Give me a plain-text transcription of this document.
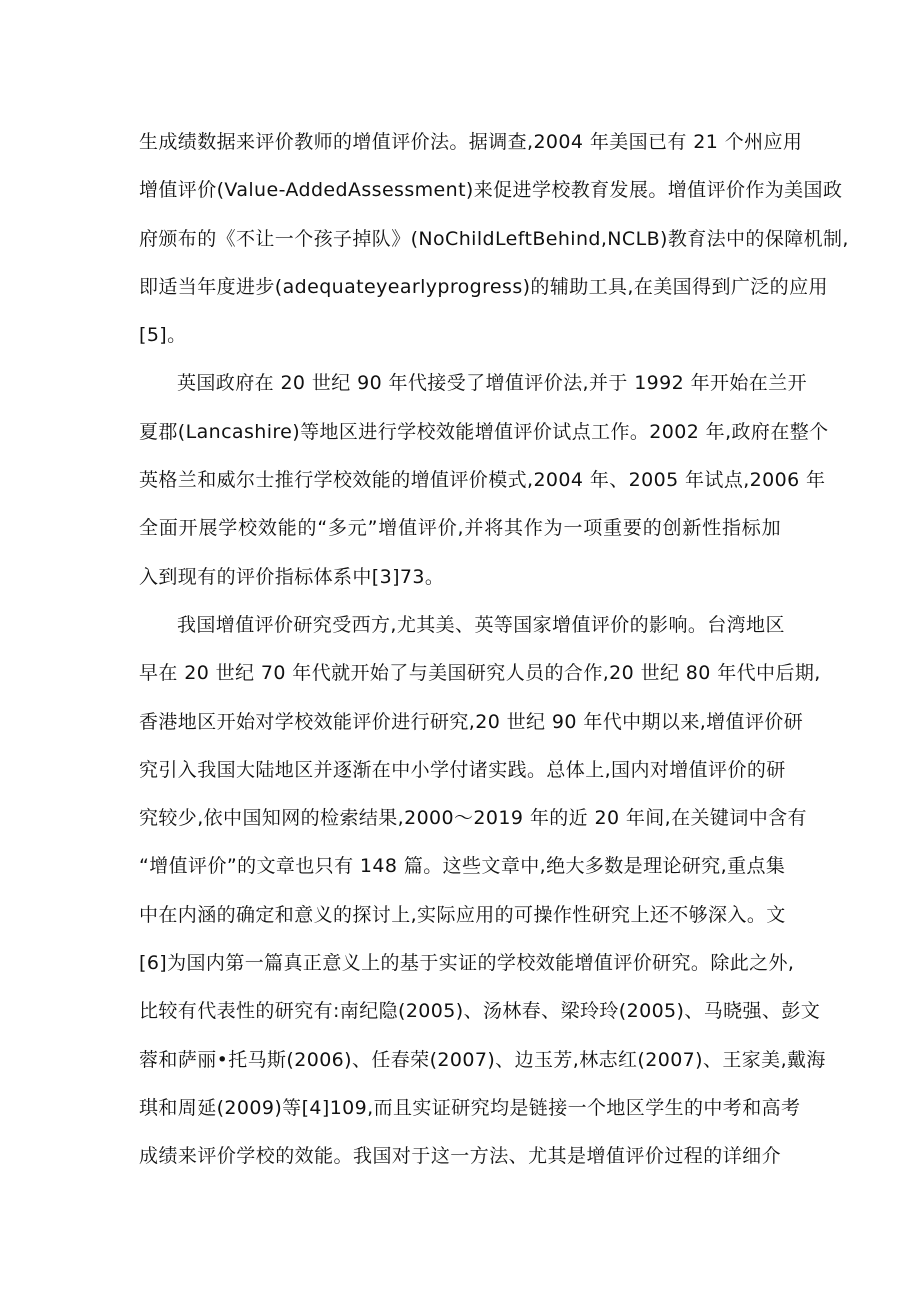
生成绩数据来评价教师的增值评价法。据调查,2004 年美国已有 21 个州应用
增值评价(Value-AddedAssessment)来促进学校教育发展。增值评价作为美国政
府颁布的《不让一个孩子掉队》(NoChildLeftBehind,NCLB)教育法中的保障机制,
即适当年度进步(adequateyearlyprogress)的辅助工具,在美国得到广泛的应用
[5]。
英国政府在 20 世纪 90 年代接受了增值评价法,并于 1992 年开始在兰开
夏郡(Lancashire)等地区进行学校效能增值评价试点工作。2002 年,政府在整个
英格兰和威尔士推行学校效能的增值评价模式,2004 年、2005 年试点,2006 年
全面开展学校效能的“多元”增值评价,并将其作为一项重要的创新性指标加
入到现有的评价指标体系中[3]73。
我国增值评价研究受西方,尤其美、英等国家增值评价的影响。台湾地区
早在 20 世纪 70 年代就开始了与美国研究人员的合作,20 世纪 80 年代中后期,
香港地区开始对学校效能评价进行研究,20 世纪 90 年代中期以来,增值评价研
究引入我国大陆地区并逐渐在中小学付诸实践。总体上,国内对增值评价的研
究较少,依中国知网的检索结果,2000～2019 年的近 20 年间,在关键词中含有
“增值评价”的文章也只有 148 篇。这些文章中,绝大多数是理论研究,重点集
中在内涵的确定和意义的探讨上,实际应用的可操作性研究上还不够深入。文
[6]为国内第一篇真正意义上的基于实证的学校效能增值评价研究。除此之外,
比较有代表性的研究有:南纪隐(2005)、汤林春、梁玲玲(2005)、马晓强、彭文
蓉和萨丽•托马斯(2006)、任春荣(2007)、边玉芳,林志红(2007)、王家美,戴海
琪和周延(2009)等[4]109,而且实证研究均是链接一个地区学生的中考和高考
成绩来评价学校的效能。我国对于这一方法、尤其是增值评价过程的详细介
